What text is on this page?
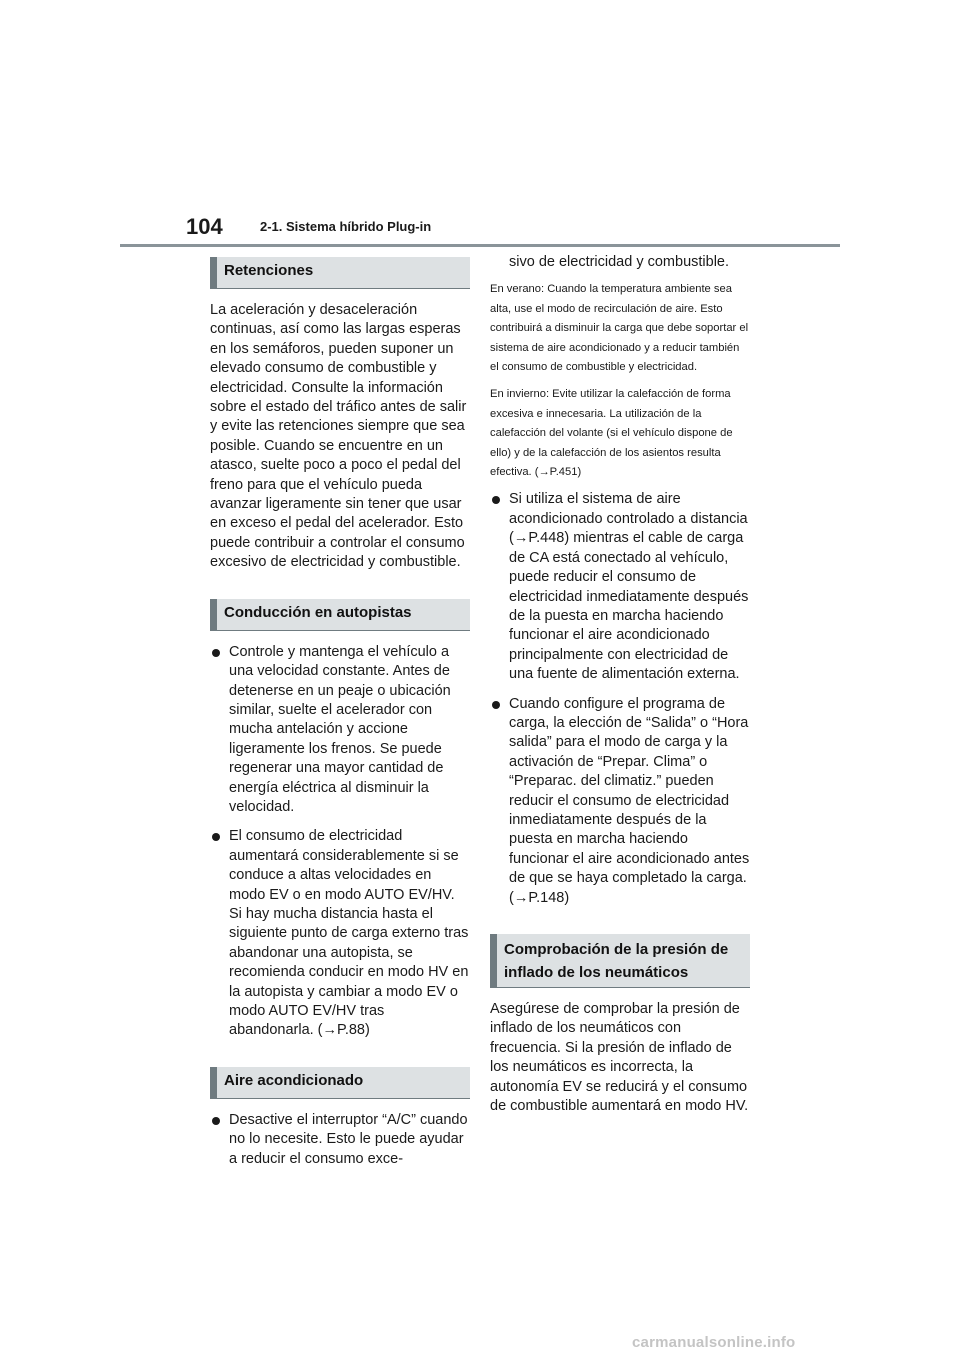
104	2-1. Sistema híbrido Plug-in
Retenciones

La aceleración y desaceleración continuas, así como las largas esperas en los semáforos, pueden suponer un elevado consumo de combustible y electricidad. Consulte la información sobre el estado del tráfico antes de salir y evite las retenciones siempre que sea posible. Cuando se encuentre en un atasco, suelte poco a poco el pedal del freno para que el vehículo pueda avanzar ligeramente sin tener que usar en exceso el pedal del acelerador. Esto puede contribuir a controlar el consumo excesivo de electricidad y combustible.

Conducción en autopistas
Controle y mantenga el vehículo a una velocidad constante. Antes de detenerse en un peaje o ubicación similar, suelte el acelerador con mucha antelación y accione ligeramente los frenos. Se puede regenerar una mayor cantidad de energía eléctrica al disminuir la velocidad.
El consumo de electricidad aumentará considerablemente si se conduce a altas velocidades en modo EV o en modo AUTO EV/HV. Si hay mucha distancia hasta el siguiente punto de carga externo tras abandonar una autopista, se recomienda conducir en modo HV en la autopista y cambiar a modo EV o modo AUTO EV/HV tras abandonarla. (→P.88)
Aire acondicionado
Desactive el interruptor “A/C” cuando no lo necesite. Esto le puede ayudar a reducir el consumo exce-

sivo de electricidad y combustible.

En verano: Cuando la temperatura ambiente sea alta, use el modo de recirculación de aire. Esto contribuirá a disminuir la carga que debe soportar el sistema de aire acondicionado y a reducir también el consumo de combustible y electricidad.

En invierno: Evite utilizar la calefacción de forma excesiva e innecesaria. La utilización de la calefacción del volante (si el vehículo dispone de ello) y de la calefacción de los asientos resulta efectiva. (→P.451)

Si utiliza el sistema de aire acondicionado controlado a distancia (→P.448) mientras el cable de carga de CA está conectado al vehículo, puede reducir el consumo de electricidad inmediatamente después de la puesta en marcha haciendo funcionar el aire acondicionado principalmente con electricidad de una fuente de alimentación externa.
Cuando configure el programa de carga, la elección de “Salida” o “Hora salida” para el modo de carga y la activación de “Prepar. Clima” o “Preparac. del climatiz.” pueden reducir el consumo de electricidad inmediatamente después de la puesta en marcha haciendo funcionar el aire acondicionado antes de que se haya completado la carga. (→P.148)
Comprobación de la presión de inflado de los neumáticos

Asegúrese de comprobar la presión de inflado de los neumáticos con frecuencia. Si la presión de inflado de los neumáticos es incorrecta, la autonomía EV se reducirá y el consumo de combustible aumentará en modo HV.

carmanualsonline.info
